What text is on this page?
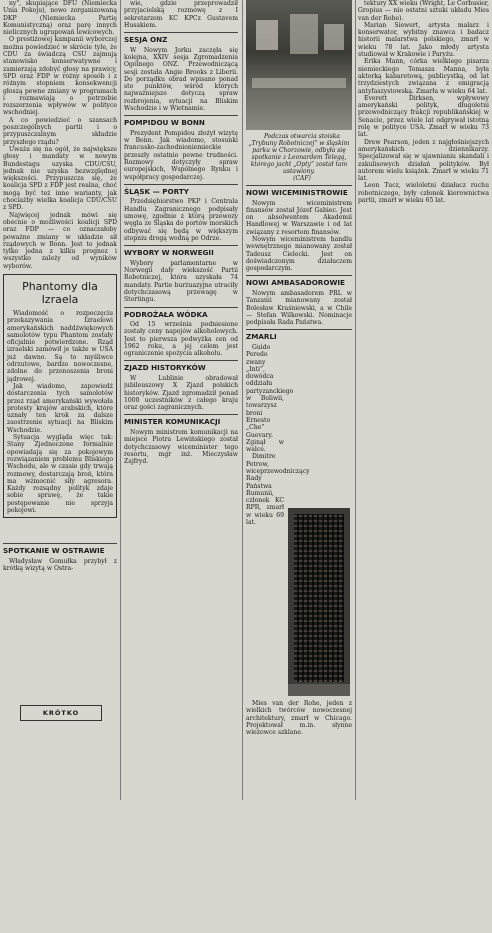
ny", skupiające DFU (Niemiecka Unia Pokoju), nowo zorganizowaną DKP (Niemiecka Partię Komunistyczną) oraz parę innych nielicznych ugrupowań lewicowych.

O prestiżowej kampanii wyborczej można powiedzieć w skrócie tyle, że CDU za świadczą CSU zajmują stanowisko konserwatywne i zamierzają zdobyć głosy na prawicy, SPD oraz FDP w różny sposób i z różnym stopniem konsekwencji głoszą pewne zmiany w programach i rozmawiają o potrzebie rozszerzenia wpływów w polityce wschodniej.

A co powiedzieć o szansach poszczególnych partii i o przypuszczalnym składzie przyszłego rządu?

Uważa się na ogół, że największe głosy i mandaty w nowym Bundestagu uzyska CDU/CSU, jednak nie uzyska bezwzględnej większości. Przypuszcza się, że koalicja SPD z FDP jest realna, choć mogą być też inne warianty, jak chociażby wielka koalicja CDU/CSU z SPD.

Najwięcej jednak mówi się obecnie o możliwości koalicji SPD oraz FDP — co oznaczałoby poważne zmiany w układzie sił rządowych w Bonn. Jest to jednak tylko jedna z kilku prognoz i wszystko zależy od wyników wyborów.

Phantomy dla Izraela

Wiadomość o rozpoczęciu przekazywania Izraelowi amerykańskich naddźwiękowych samolotów typu Phantom zostały oficjalnie potwierdzone. Rząd izraelski zamówił je także w USA już dawno. Są to myśliwce odrzutowe, bardzo nowoczesne, zdolne do przenoszenia broni jądrowej.

Jak wiadomo, zapowiedź dostarczenia tych samolotów przez rząd amerykański wywołała protesty krajów arabskich, które uznały ten krok za dalsze zaostrzenie sytuacji na Bliskim Wschodzie.

Sytuacja wygląda więc tak: Stany Zjednoczone formalnie opowiadają się za pokojowym rozwiązaniem problemu Bliskiego Wschodu, ale w czasie gdy trwają rozmowy, dostarczają broń, która ma wzmocnić siły agresora. Każdy rozsądny polityk zdaje sobie sprawę, że takie postępowanie nie sprzyja pokojowi.

SPOTKANIE W OSTRAWIE

Władysław Gomułka przybył z krótką wizytą w Ostra-

KRÓTKO

wie, gdzie przeprowadził przyjacielską rozmowę z I sekretarzem KC KPCz Gustavem Husakiem.

SESJA ONZ

W Nowym Jorku zaczęła się kolejna, XXIV sesja Zgromadzenia Ogólnego ONZ. Przewodniczącą sesji została Angie Brooks z Liberii. Do porządku obrad wpisano ponad sto punktów, wśród których najważniejsze dotyczą spraw rozbrojenia, sytuacji na Bliskim Wschodzie i w Wietnamie.

POMPIDOU W BONN

Prezydent Pompidou złożył wizytę w Bonn. Jak wiadomo, stosunki francusko-zachodnioniemieckie przeszły ostatnio pewne trudności. Rozmowy dotyczyły spraw europejskich, Wspólnego Rynku i współpracy gospodarczej.

ŚLĄSK — PORTY

Przedsiębiorstwo PKP i Centrala Handlu Zagranicznego podpisały umowę, zgodnie z którą przewozy węgla ze Śląska do portów morskich odbywać się będą w większym stopniu drogą wodną po Odrze.

WYBORY W NORWEGII

Wybory parlamentarne w Norwegii dały wiekszość Partii Robotniczej, która uzyskała 74 mandaty. Partie burżuazyjne utraciły dotychczasową przewagę w Stortingu.

PODROŻAŁA WÓDKA

Od 15 września podniesione zostały ceny napojów alkoholowych. Jest to pierwsza podwyżka cen od 1962 roku, a jej celem jest ograniczenie spożycia alkoholu.

ZJAZD HISTORYKÓW

W Lublinie obradował jubileuszowy X Zjazd polskich historyków. Zjazd zgromadził ponad 1000 uczestników z całego kraju oraz gości zagranicznych.

MINISTER KOMUNIKACJI

Nowym ministrem komunikacji na miejsce Piotra Lewińskiego został dotychczasowy wiceminister tego resortu, mgr inż. Mieczysław Zajfryd.

Podczas otwarcia stoiska „Trybuny Robotniczej” w śląskim parku w Chorzowie, odbyła się spotkanie z Leonardem Telegą, którego jacht „Opty” został tam ustawiony.

(CAF)

NOWI WICEMINISTROWIE

Nowym wiceministrem finansów został Józef Gabiec. Jest on absolwentem Akademii Handlowej w Warszawie i od lat związany z resortem finansów.

Nowym wiceministrem handlu wewnętrznego mianowany został Tadeusz Cielecki. Jest on doświadczonym działaczem gospodarczym.

NOWI AMBASADOROWIE

Nowym ambasadorem PRL w Tanzanii mianowany został Bolesław Kraśniewski, a w Chile — Stefan Wilkowski. Nominacje podpisała Rada Państwa.

ZMARLI

Guido Peredo zwany „Inti”, dowódca oddziału partyzanckiego w Boliwii, towarzysz broni Ernesto „Che” Guevary. Zginął w walce.

Dimitre Petrow, wiceprzewodniczący Rady Państwa Rumunii, członek KC RPR, zmarł w wieku 69 lat.

Mies van der Rohe, jeden z wielkich twórców nowoczesnej architektury, zmarł w Chicago. Projektował m.in. słynne wieżowce szklane.

tektury XX wieku (Wright, Le Corbusier, Gropius — nie ostatni sztuki układu Mies van der Rohe).

Marian Siewert, artysta malarz i konserwator, wybitny znawca i badacz historii malarstwa polskiego, zmarł w wieku 78 lat. Jako młody artysta studiował w Krakowie i Paryżu.

Erika Mann, córka wielkiego pisarza niemieckiego Tomasza Manna, była aktorką kabaretową, publicystką, od lat trzydziestych związana z emigracją antyfaszystowską. Zmarła w wieku 64 lat.

Everett Dirksen, wpływowy amerykański polityk, długoletni przewodniczący frakcji republikańskiej w Senacie, przez wiele lat odgrywał istotną rolę w polityce USA. Zmarł w wieku 73 lat.

Drew Pearson, jeden z najgłośniejszych amerykańskich dziennikarzy. Specjalizował się w ujawnianiu skandali i zakulisowych działań polityków. Był autorem wielu książek. Zmarł w wieku 71 lat.

Leon Tucz, wieloletni działacz ruchu robotniczego, były członek kierownictwa partii, zmarł w wieku 65 lat.
